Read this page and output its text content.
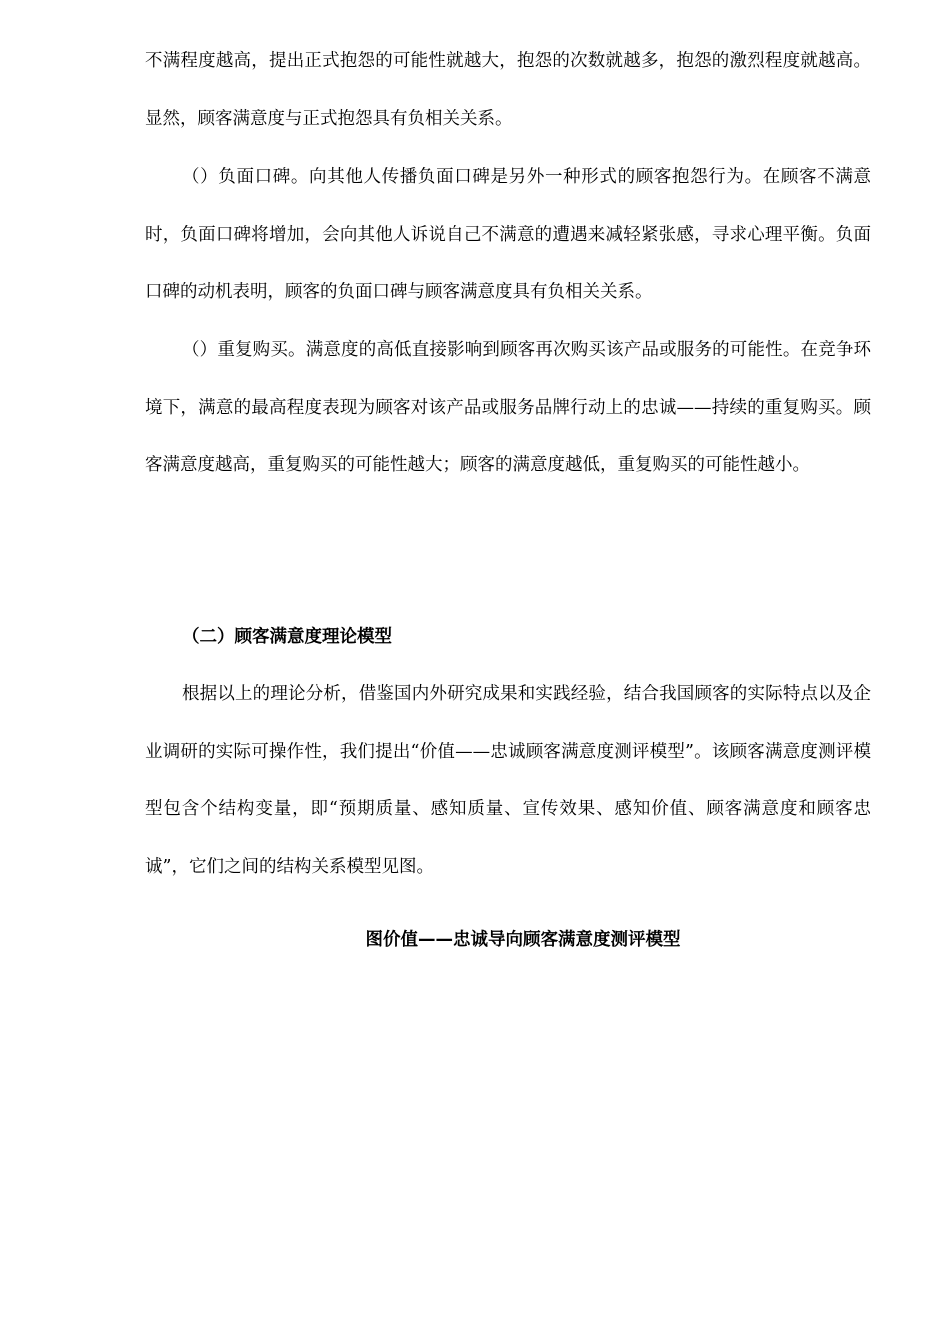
不满程度越高，提出正式抱怨的可能性就越大，抱怨的次数就越多，抱怨的激烈程度就越高。显然，顾客满意度与正式抱怨具有负相关关系。

（）负面口碑。向其他人传播负面口碑是另外一种形式的顾客抱怨行为。在顾客不满意时，负面口碑将增加，会向其他人诉说自己不满意的遭遇来减轻紧张感，寻求心理平衡。负面口碑的动机表明，顾客的负面口碑与顾客满意度具有负相关关系。

（）重复购买。满意度的高低直接影响到顾客再次购买该产品或服务的可能性。在竞争环境下，满意的最高程度表现为顾客对该产品或服务品牌行动上的忠诚——持续的重复购买。顾客满意度越高，重复购买的可能性越大；顾客的满意度越低，重复购买的可能性越小。

（二）顾客满意度理论模型

根据以上的理论分析，借鉴国内外研究成果和实践经验，结合我国顾客的实际特点以及企业调研的实际可操作性，我们提出“价值——忠诚顾客满意度测评模型”。该顾客满意度测评模型包含个结构变量，即“预期质量、感知质量、宣传效果、感知价值、顾客满意度和顾客忠诚”，它们之间的结构关系模型见图。

图价值——忠诚导向顾客满意度测评模型
